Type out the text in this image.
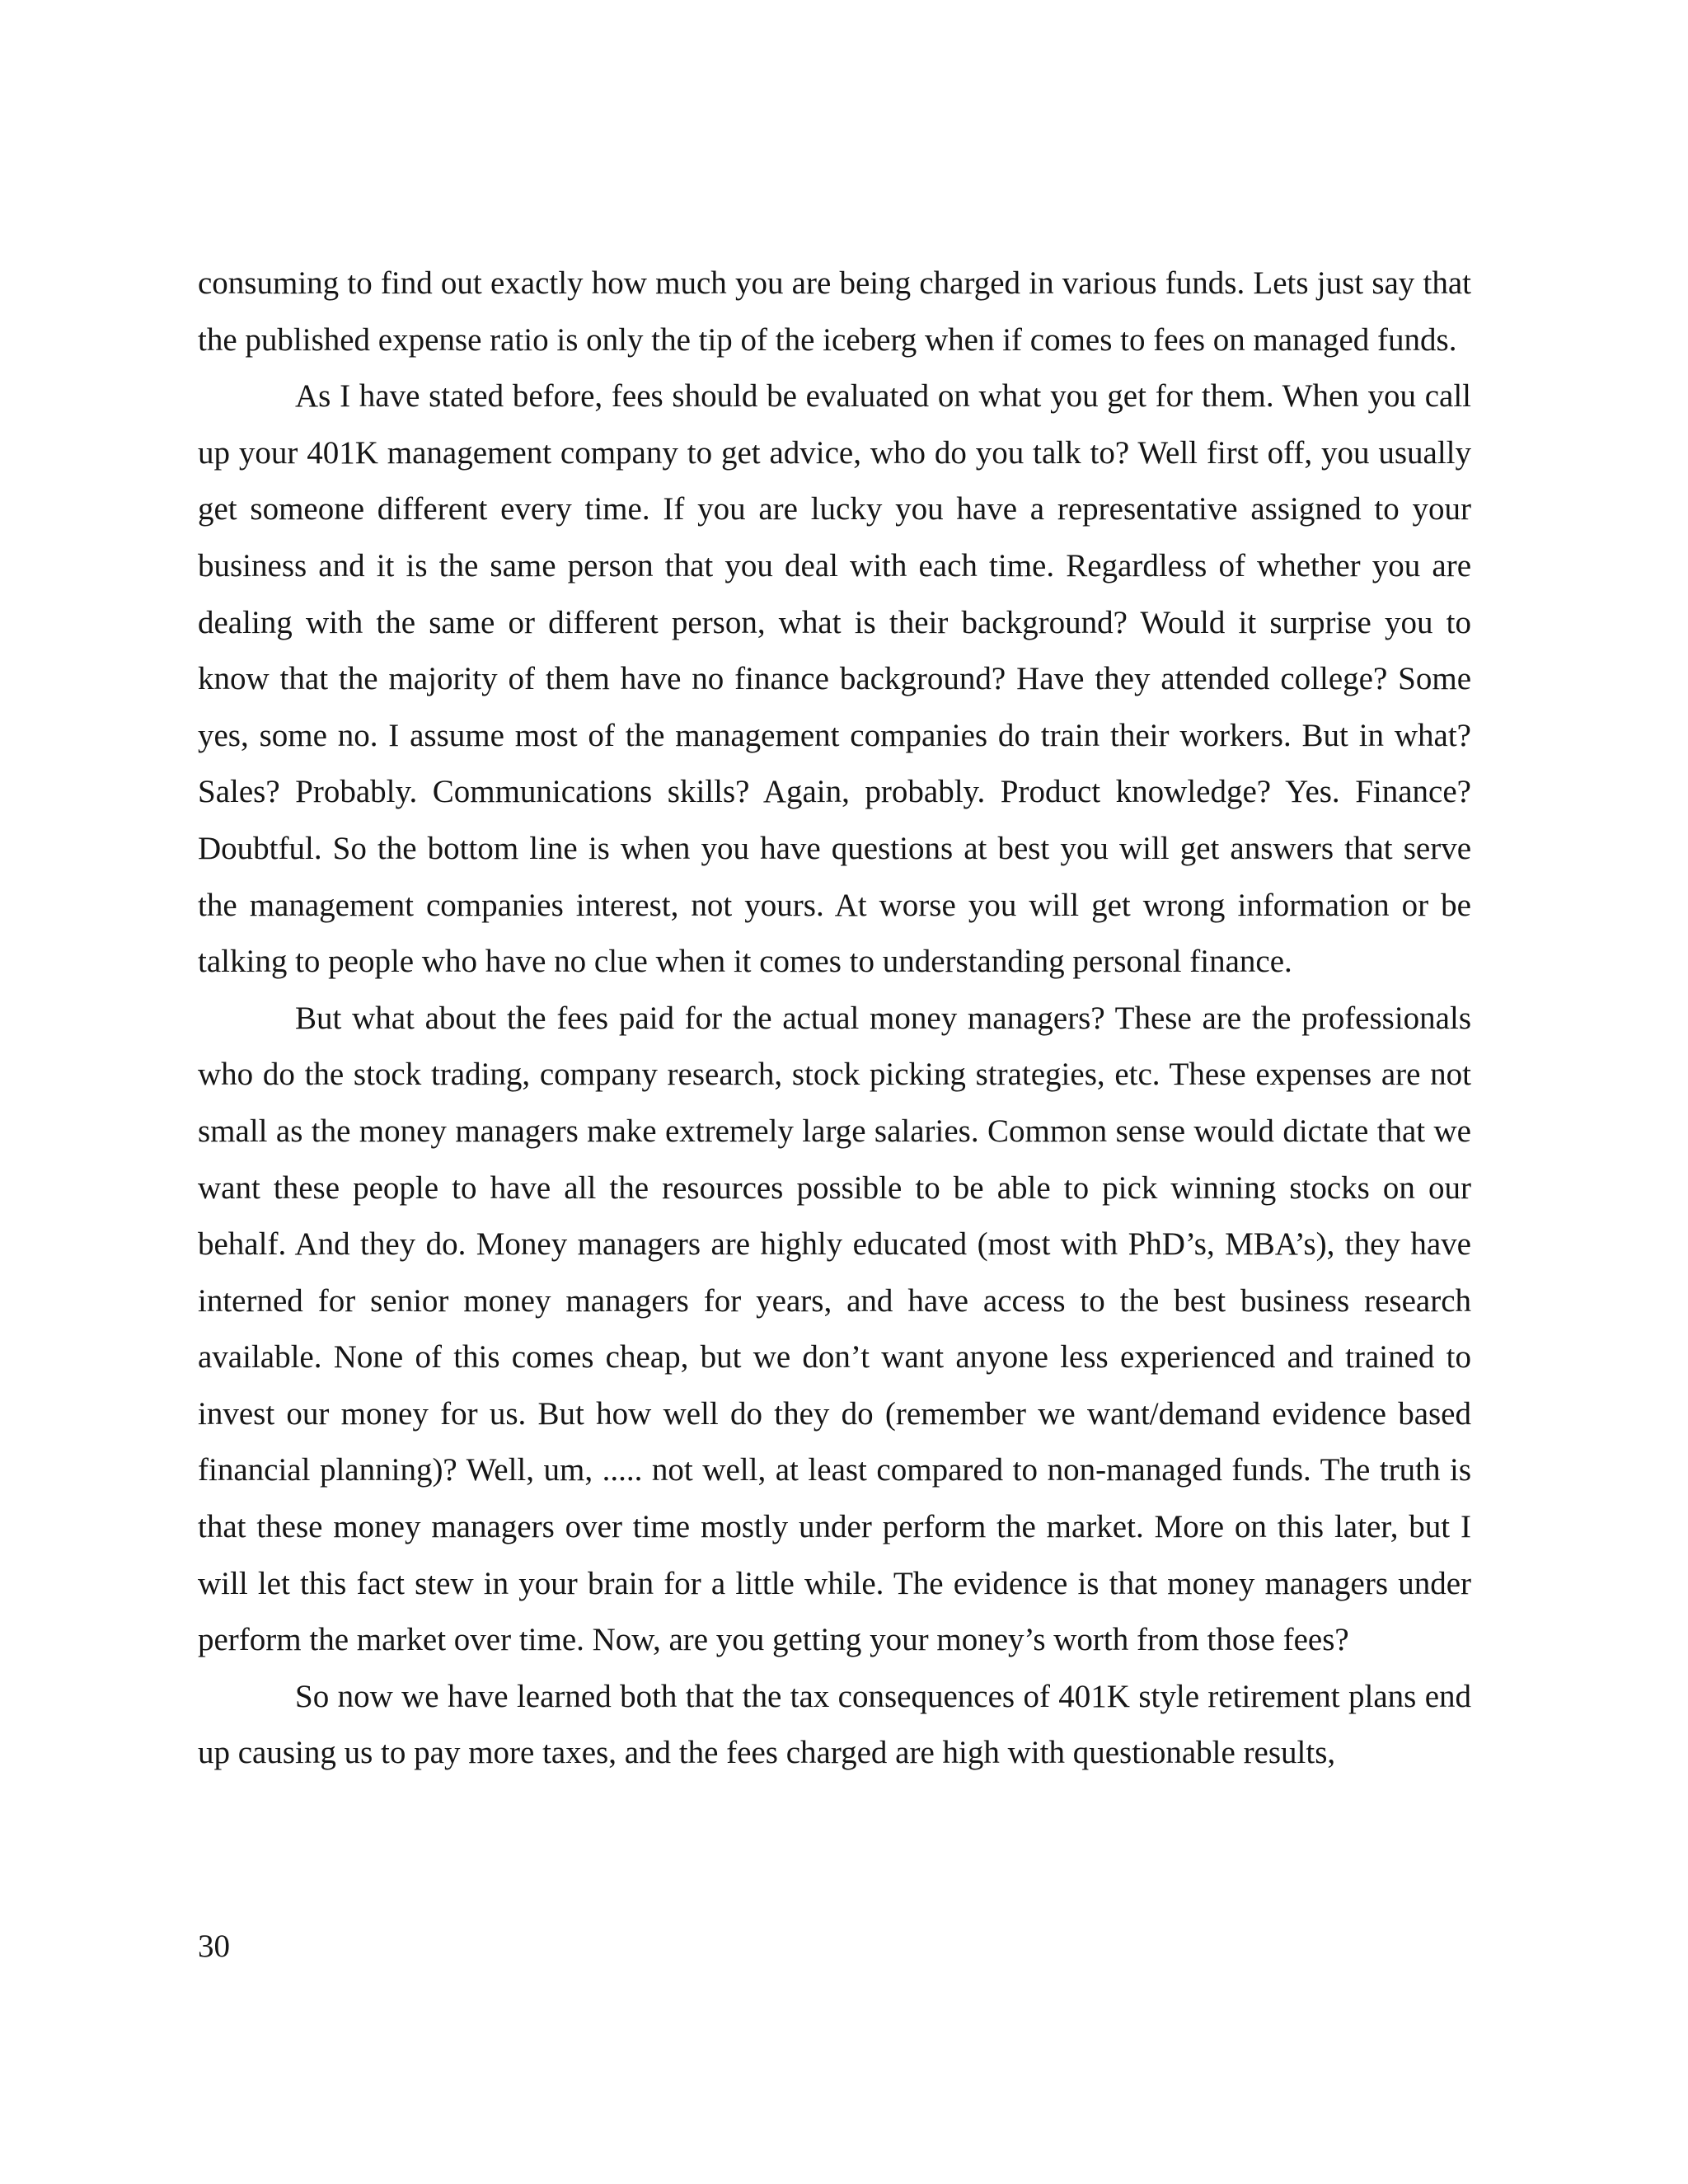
consuming to find out exactly how much you are being charged in various funds. Lets just say that the published expense ratio is only the tip of the iceberg when if comes to fees on managed funds.

As I have stated before, fees should be evaluated on what you get for them. When you call up your 401K management company to get advice, who do you talk to? Well first off, you usually get someone different every time. If you are lucky you have a representative assigned to your business and it is the same person that you deal with each time. Regardless of whether you are dealing with the same or different person, what is their background? Would it surprise you to know that the majority of them have no finance background? Have they attended college? Some yes, some no. I assume most of the management companies do train their workers. But in what? Sales? Probably. Communications skills? Again, probably. Product knowledge? Yes. Finance? Doubtful. So the bottom line is when you have questions at best you will get answers that serve the management companies interest, not yours. At worse you will get wrong information or be talking to people who have no clue when it comes to understanding personal finance.

But what about the fees paid for the actual money managers? These are the professionals who do the stock trading, company research, stock picking strategies, etc. These expenses are not small as the money managers make extremely large salaries. Common sense would dictate that we want these people to have all the resources possible to be able to pick winning stocks on our behalf. And they do. Money managers are highly educated (most with PhD’s, MBA’s), they have interned for senior money managers for years, and have access to the best business research available. None of this comes cheap, but we don’t want anyone less experienced and trained to invest our money for us. But how well do they do (remember we want/demand evidence based financial planning)? Well, um, ..... not well, at least compared to non-managed funds. The truth is that these money managers over time mostly under perform the market. More on this later, but I will let this fact stew in your brain for a little while. The evidence is that money managers under perform the market over time. Now, are you getting your money’s worth from those fees?

So now we have learned both that the tax consequences of 401K style retirement plans end up causing us to pay more taxes, and the fees charged are high with questionable results,

30
